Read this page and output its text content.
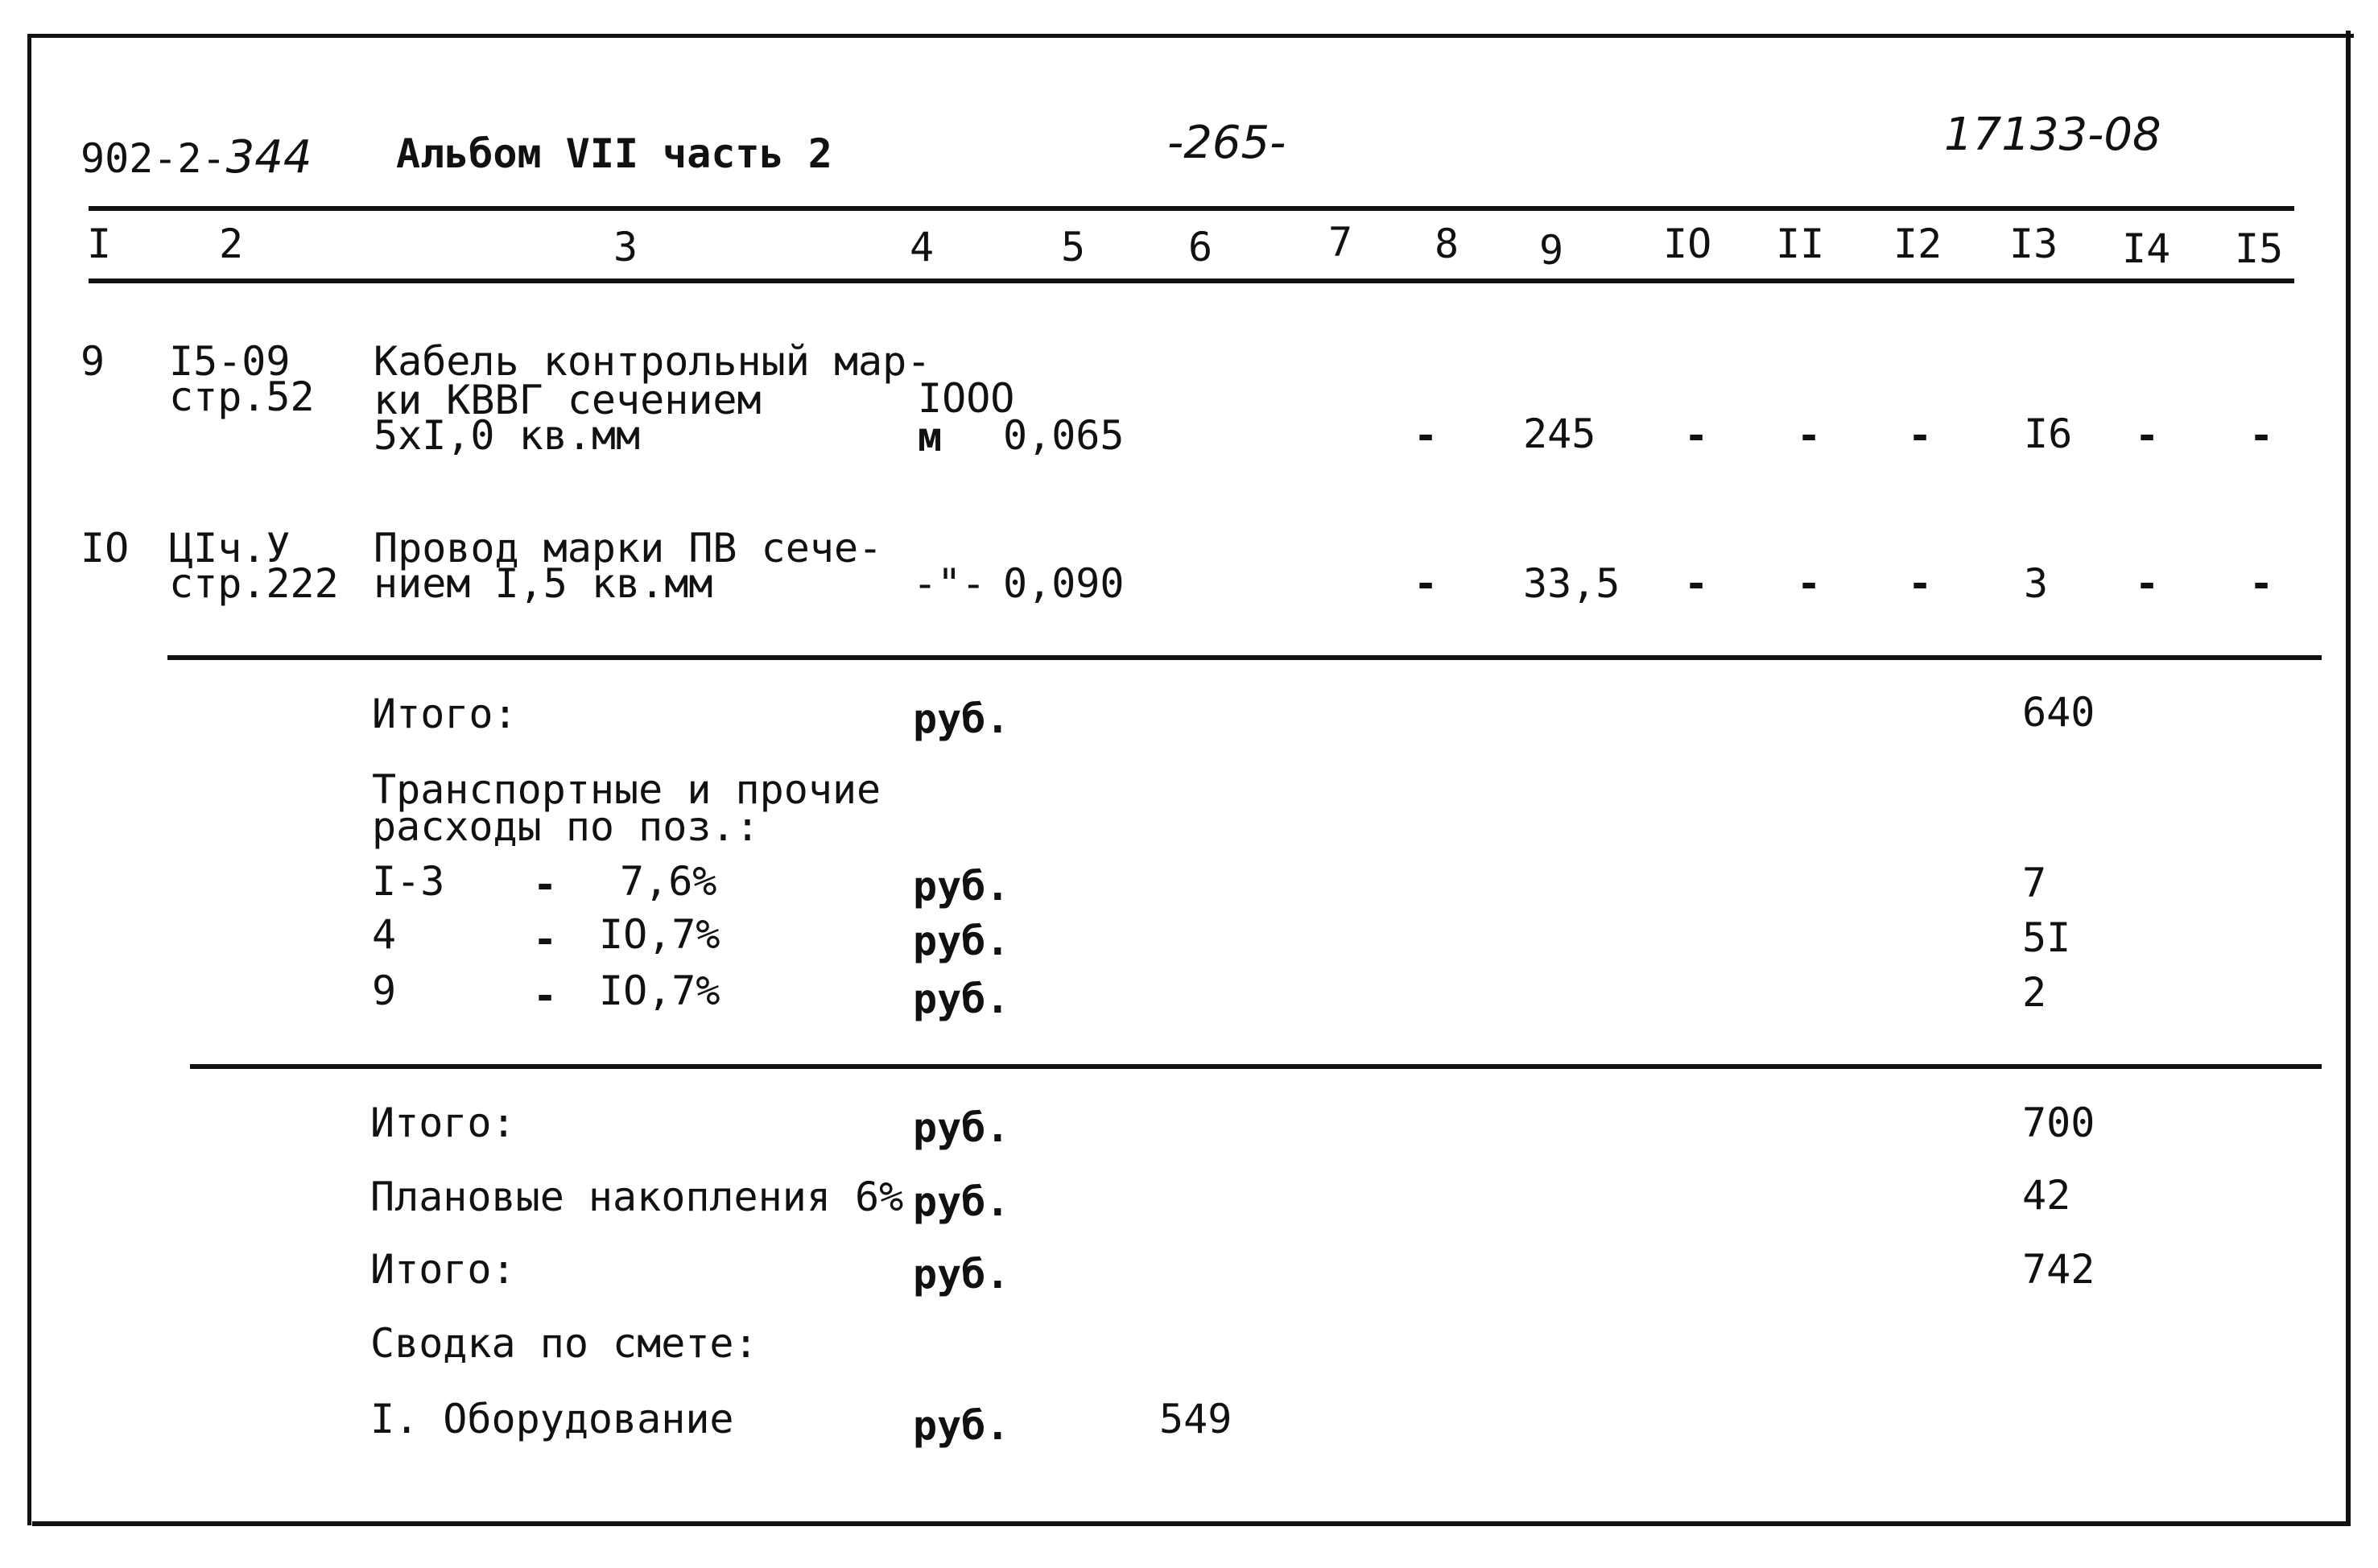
902-2-344 Альбом VII часть 2	-265-	17133-08
I	2	3	4	5	6	7 8 9 IO II I2 I3 I4 I5
9 I5-09
стр.52
Кабель контрольный мар-
ки КВВГ сечением
5хI,0 кв.мм
IOOO
м 0,065	- 245 - - - I6 - -
IO ЦIч.У
стр.222
Провод марки ПВ сече-
нием I,5 кв.мм	-"- 0,090	- 33,5 - - - 3 - -
Итого:	руб.	640
Транспортные и прочие
расходы по поз.:
I-3 - 7,6%	руб.	7
4	- IO,7%	руб.	5I
9	- IO,7%	руб.	2
Итого:	руб.	700
Плановые накопления 6% руб.	42
Итого:	руб.	742
Сводка по смете:
I. Оборудование	руб.	549
